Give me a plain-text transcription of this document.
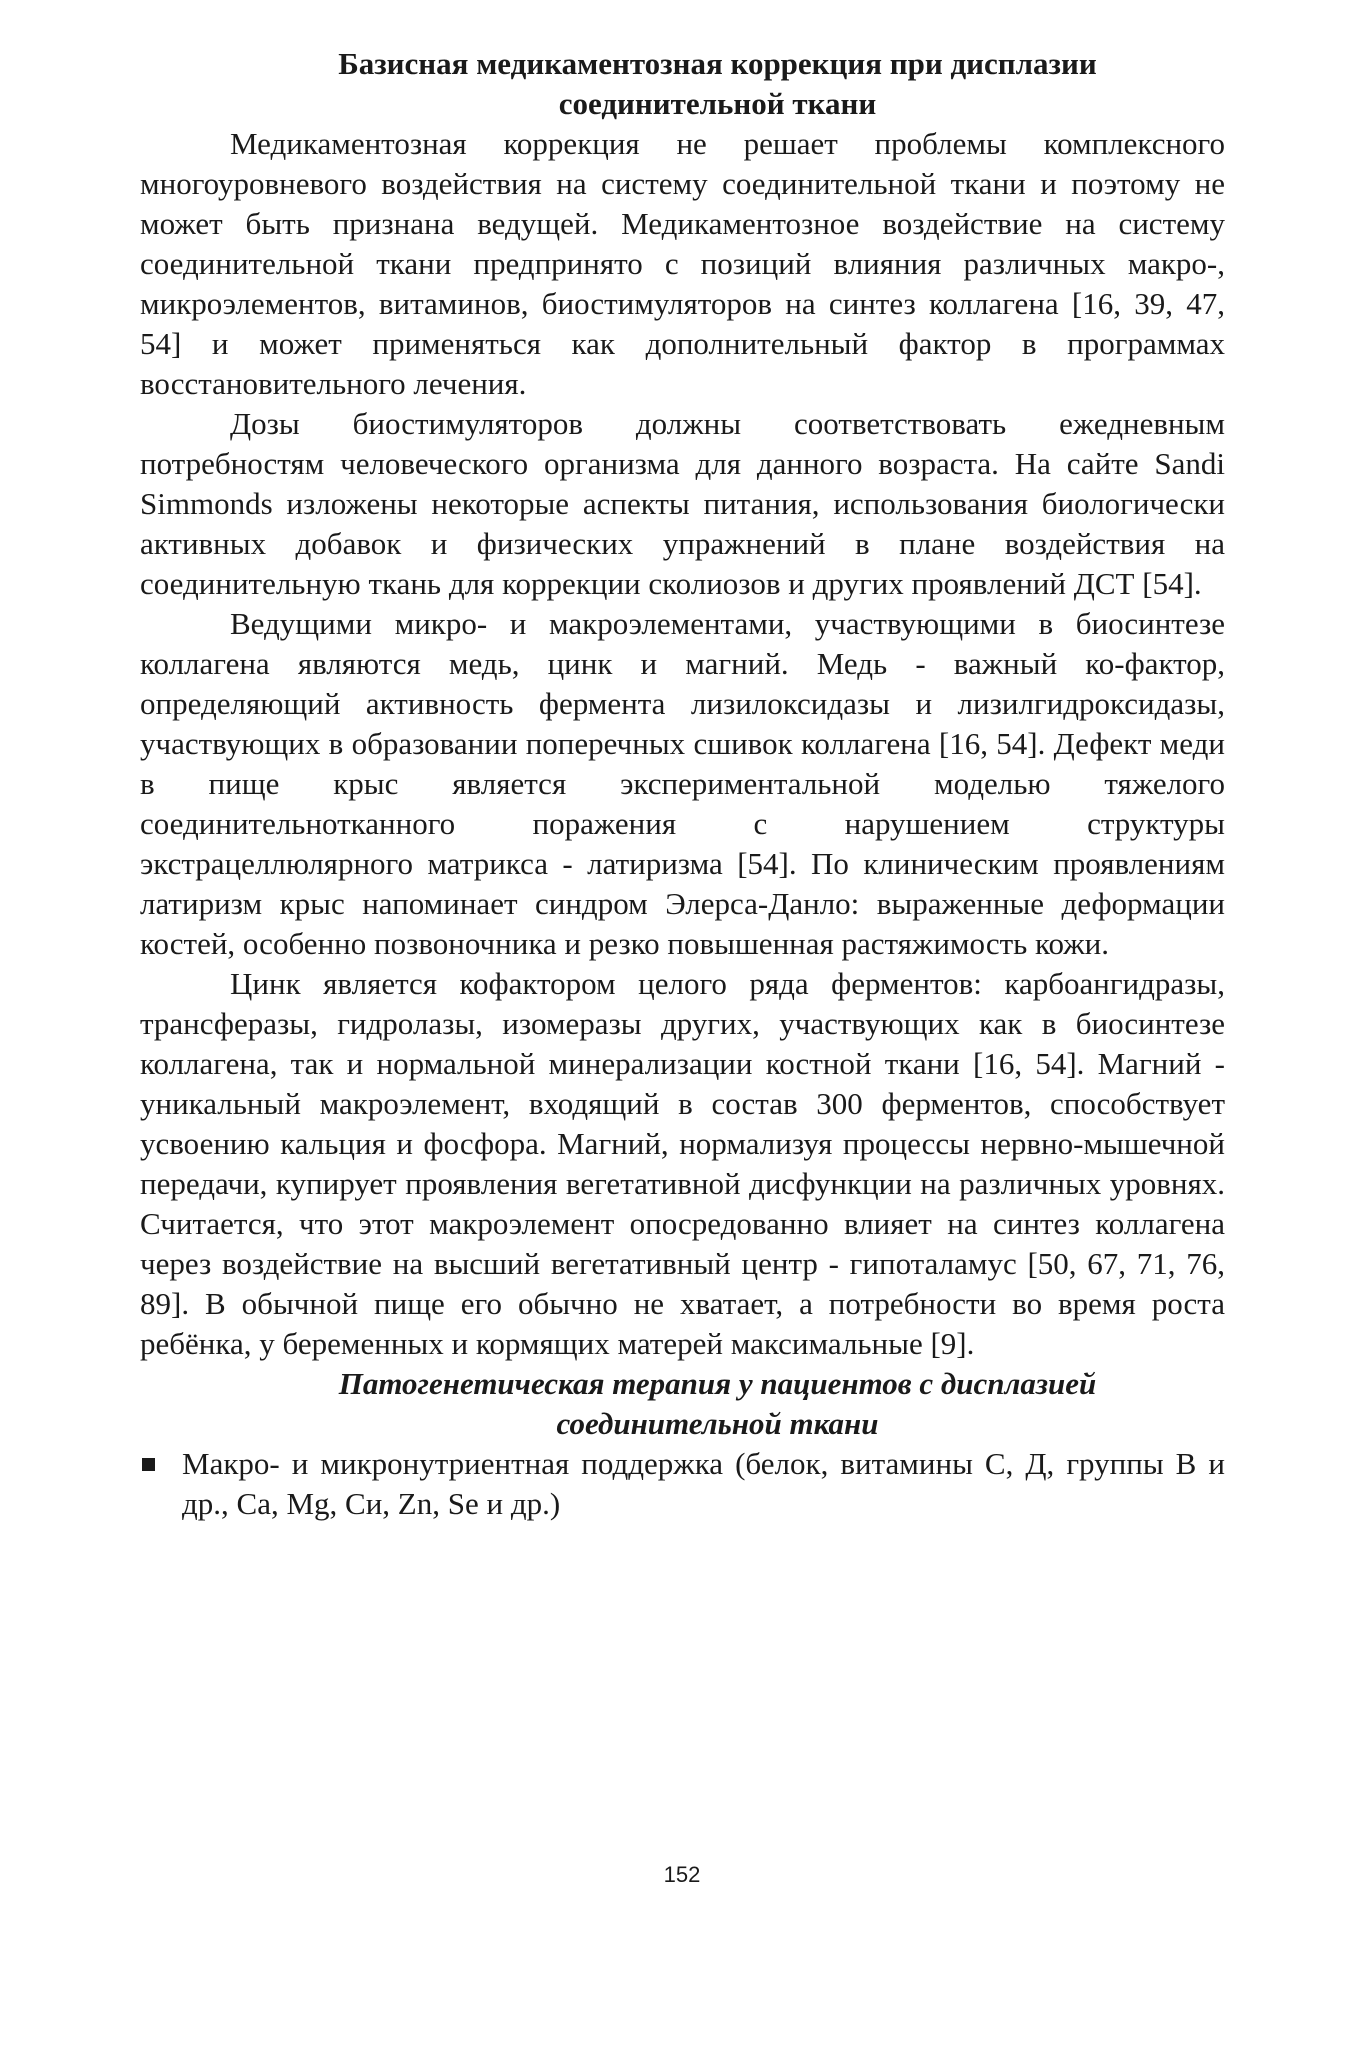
Базисная медикаментозная коррекция при дисплазии
соединительной ткани

Медикаментозная коррекция не решает проблемы комплексного многоуровневого воздействия на систему соединительной ткани и поэтому не может быть признана ведущей. Медикаментозное воздействие на систему соединительной ткани предпринято с позиций влияния различных макро-, микроэлементов, витаминов, биостимуляторов на синтез коллагена [16, 39, 47, 54] и может применяться как дополнительный фактор в программах восстановительного лечения.

Дозы биостимуляторов должны соответствовать ежедневным потребностям человеческого организма для данного возраста. На сайте Sandi Simmonds изложены некоторые аспекты питания, использования биологически активных добавок и физических упражнений в плане воздействия на соединительную ткань для коррекции сколиозов и других проявлений ДСТ [54].

Ведущими микро- и макроэлементами, участвующими в биосинтезе коллагена являются медь, цинк и магний. Медь - важный ко-фактор, определяющий активность фермента лизилоксидазы и лизилгидроксидазы, участвующих в образовании поперечных сшивок коллагена [16, 54]. Дефект меди в пище крыс является экспериментальной моделью тяжелого соединительнотканного поражения с нарушением структуры экстрацеллюлярного матрикса - латиризма [54]. По клиническим проявлениям латиризм крыс напоминает синдром Элерса-Данло: выраженные деформации костей, особенно позвоночника и резко повышенная растяжимость кожи.

Цинк является кофактором целого ряда ферментов: карбоангидразы, трансферазы, гидролазы, изомеразы других, участвующих как в биосинтезе коллагена, так и нормальной минерализации костной ткани [16, 54]. Магний - уникальный макроэлемент, входящий в состав 300 ферментов, способствует усвоению кальция и фосфора. Магний, нормализуя процессы нервно-мышечной передачи, купирует проявления вегетативной дисфункции на различных уровнях. Считается, что этот макроэлемент опосредованно влияет на синтез коллагена через воздействие на высший вегетативный центр - гипоталамус [50, 67, 71, 76, 89]. В обычной пище его обычно не хватает, а потребности во время роста ребёнка, у беременных и кормящих матерей максимальные [9].

Патогенетическая терапия у пациентов с дисплазией
соединительной ткани
Макро- и микронутриентная поддержка (белок, витамины С, Д, группы В и др., Са, Mg, Си, Zn, Se и др.)
152
